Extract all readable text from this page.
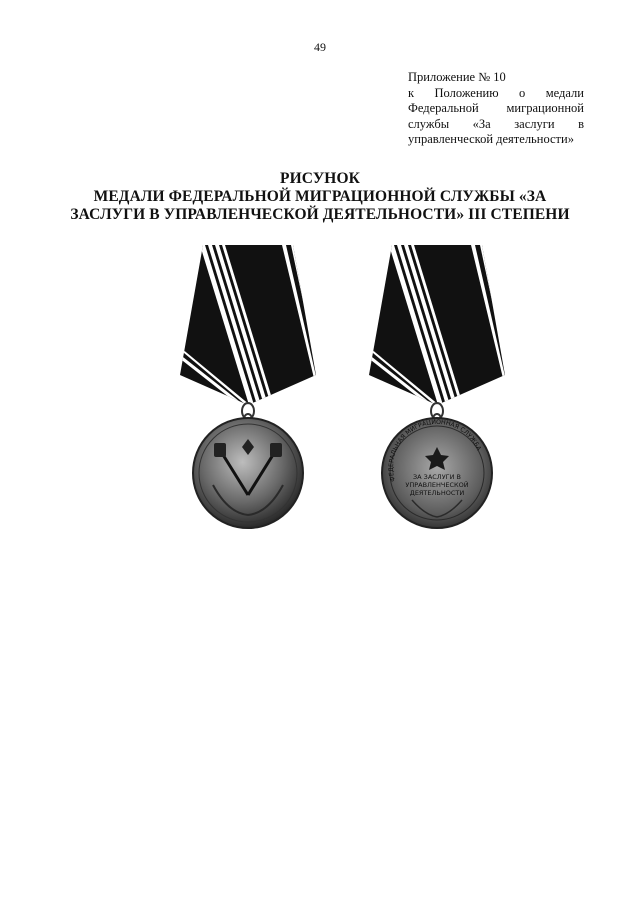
49
Приложение № 10
к Положению о медали
Федеральной миграционной
службы «За заслуги в
управленческой деятельности»
РИСУНОК
МЕДАЛИ ФЕДЕРАЛЬНОЙ МИГРАЦИОННОЙ СЛУЖБЫ «ЗА
ЗАСЛУГИ В УПРАВЛЕНЧЕСКОЙ ДЕЯТЕЛЬНОСТИ» III СТЕПЕНИ
ФЕДЕРАЛЬНАЯ МИГРАЦИОННАЯ СЛУЖБА
ЗА ЗАСЛУГИ В
УПРАВЛЕНЧЕСКОЙ
ДЕЯТЕЛЬНОСТИ
